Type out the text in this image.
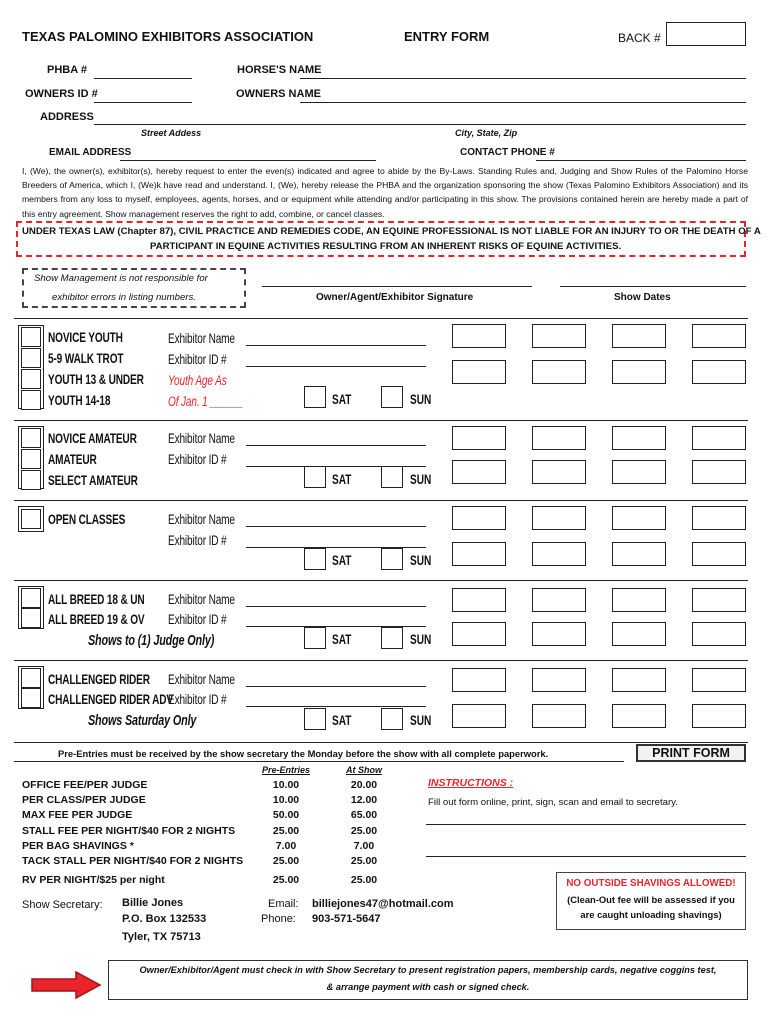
TEXAS PALOMINO EXHIBITORS ASSOCIATION	ENTRY FORM	BACK #
PHBA #	HORSE'S NAME
OWNERS ID #	OWNERS NAME
ADDRESS
Street Addess	City, State, Zip
EMAIL ADDRESS	CONTACT PHONE #
I, (We), the owner(s), exhibitor(s), hereby request to enter the even(s) indicated and agree to abide by the By-Laws. Standing Rules and, Judging and Show Rules of the Palomino Horse Breeders of America, which I, (We)k have read and understand. I, (We), hereby release the PHBA and the organization sponsoring the show (Texas Palomino Exhibitors Association) and its members from any loss to myself, employees, agents, horses, and or equipment while attending and/or participating in this show. The provisions contained herein are hereby made a part of this entry agreement. Show management reserves the right to add, combine, or cancel classes.
UNDER TEXAS LAW (Chapter 87), CIVIL PRACTICE AND REMEDIES CODE, AN EQUINE PROFESSIONAL IS NOT LIABLE FOR AN INJURY TO OR THE DEATH OF A
PARTICIPANT IN EQUINE ACTIVITIES RESULTING FROM AN INHERENT RISKS OF EQUINE ACTIVITIES.
Show Management is not responsible for
exhibitor errors in listing numbers.	Owner/Agent/Exhibitor Signature	Show Dates
NOVICE YOUTH
5-9 WALK TROT
YOUTH 13 & UNDER
YOUTH 14-18
Exhibitor Name
Exhibitor ID #
Youth Age As
Of Jan. 1 ______	SAT	SUN
NOVICE AMATEUR
AMATEUR
SELECT AMATEUR
Exhibitor Name
Exhibitor ID #
SAT	SUN
OPEN CLASSES	Exhibitor Name
Exhibitor ID #
SAT	SUN
ALL BREED 18 & UN
ALL BREED 19 & OV
Exhibitor Name
Exhibitor ID #
Shows to (1) Judge Only)	SAT	SUN
CHALLENGED RIDER
CHALLENGED RIDER ADV
Exhibitor Name
Exhibitor ID #
Shows Saturday Only	SAT	SUN
Pre-Entries must be received by the show secretary the Monday before the show with all complete paperwork.	PRINT FORM
Pre-Entries	At Show
OFFICE FEE/PER JUDGE	10.00	20.00
PER CLASS/PER JUDGE	10.00	12.00
MAX FEE PER JUDGE	50.00	65.00
STALL FEE PER NIGHT/$40 FOR 2 NIGHTS	25.00	25.00
PER BAG SHAVINGS *	7.00	7.00
TACK STALL PER NIGHT/$40 FOR 2 NIGHTS	25.00	25.00
RV PER NIGHT/$25 per night	25.00	25.00
INSTRUCTIONS :
Fill out form online, print, sign, scan and email to secretary.
Show Secretary: Billie Jones
P.O. Box 132533
Tyler, TX 75713
Email: billiejones47@hotmail.com
Phone: 903-571-5647
NO OUTSIDE SHAVINGS ALLOWED!
(Clean-Out fee will be assessed if you
are caught unloading shavings)
Owner/Exhibitor/Agent must check in with Show Secretary to present registration papers, membership cards, negative coggins test,
& arrange payment with cash or signed check.
